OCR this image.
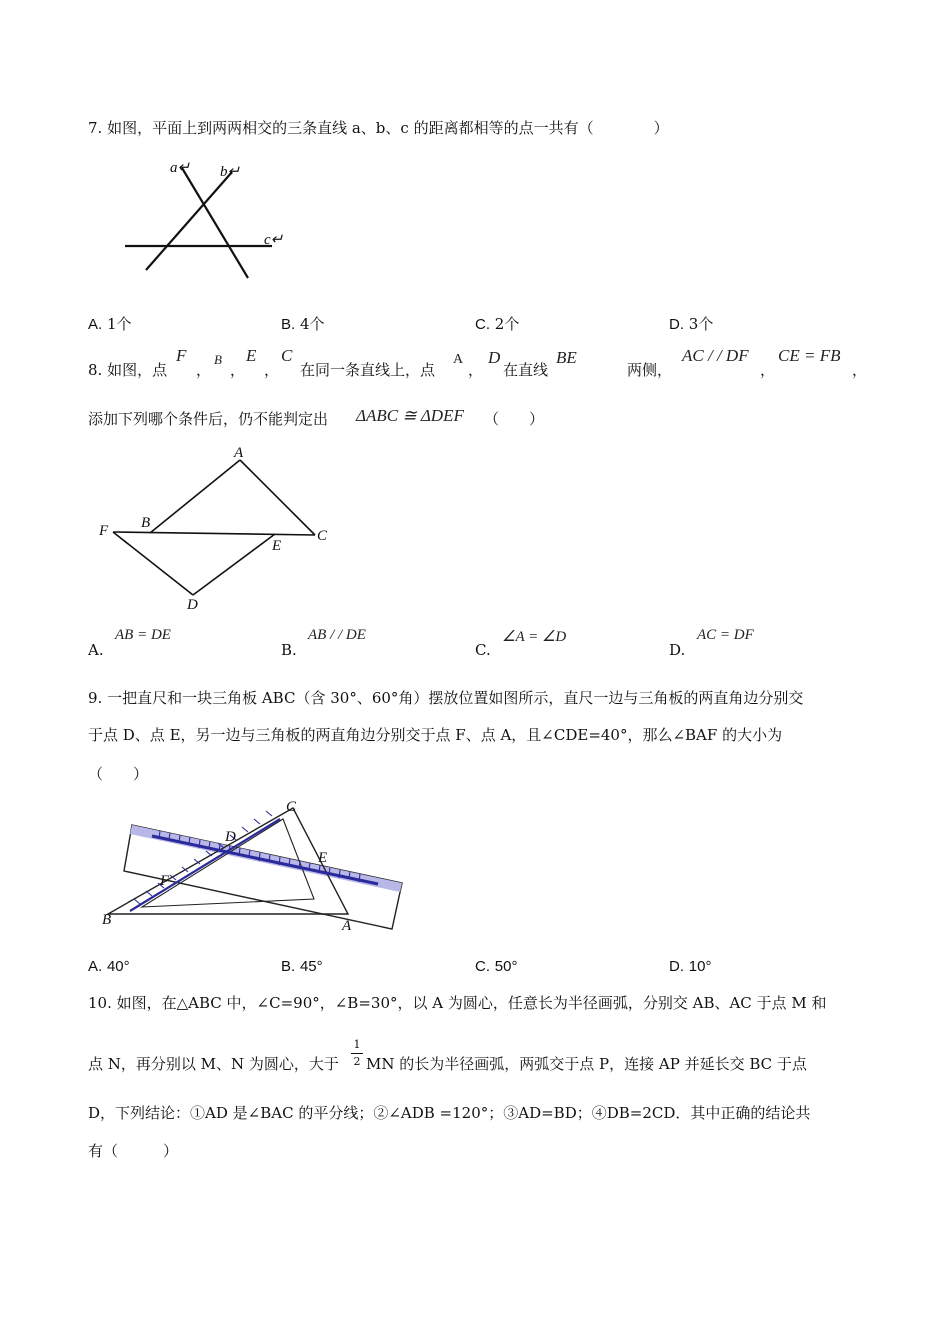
7. 如图，平面上到两两相交的三条直线 a、b、c 的距离都相等的点一共有（　　　　）
a↵ b↵
c↵
A. 1个	B. 4个	C. 2个	D. 3个
8. 如图，点
F
，
B
，
E
，
C
在同一条直线上，点
A
，
D
在直线
BE
两侧，
AC / / DF
，
CE = FB
，
添加下列哪个条件后，仍不能判定出 ΔABC ≅ ΔDEF （　　）
A
B
C
D
E
F
A.
AB = DE
B.
AB / / DE
C.
∠A = ∠D
D.
AC = DF
9. 一把直尺和一块三角板 ABC（含 30°、60°角）摆放位置如图所示，直尺一边与三角板的两直角边分别交
于点 D、点 E，另一边与三角板的两直角边分别交于点 F、点 A，且∠CDE=40°，那么∠BAF 的大小为
（　　）
B	A
C
D
E
F
A. 40°	B. 45°	C. 50°	D. 10°
10. 如图，在△ABC 中，∠C=90°，∠B=30°，以 A 为圆心，任意长为半径画弧，分别交 AB、AC 于点 M 和
点 N，再分别以 M、N 为圆心，大于
1
2 MN 的长为半径画弧，两弧交于点 P，连接 AP 并延长交 BC 于点
D，下列结论：①AD 是∠BAC 的平分线；②∠ADB =120°；③AD=BD；④DB=2CD．其中正确的结论共
有（　　　）
